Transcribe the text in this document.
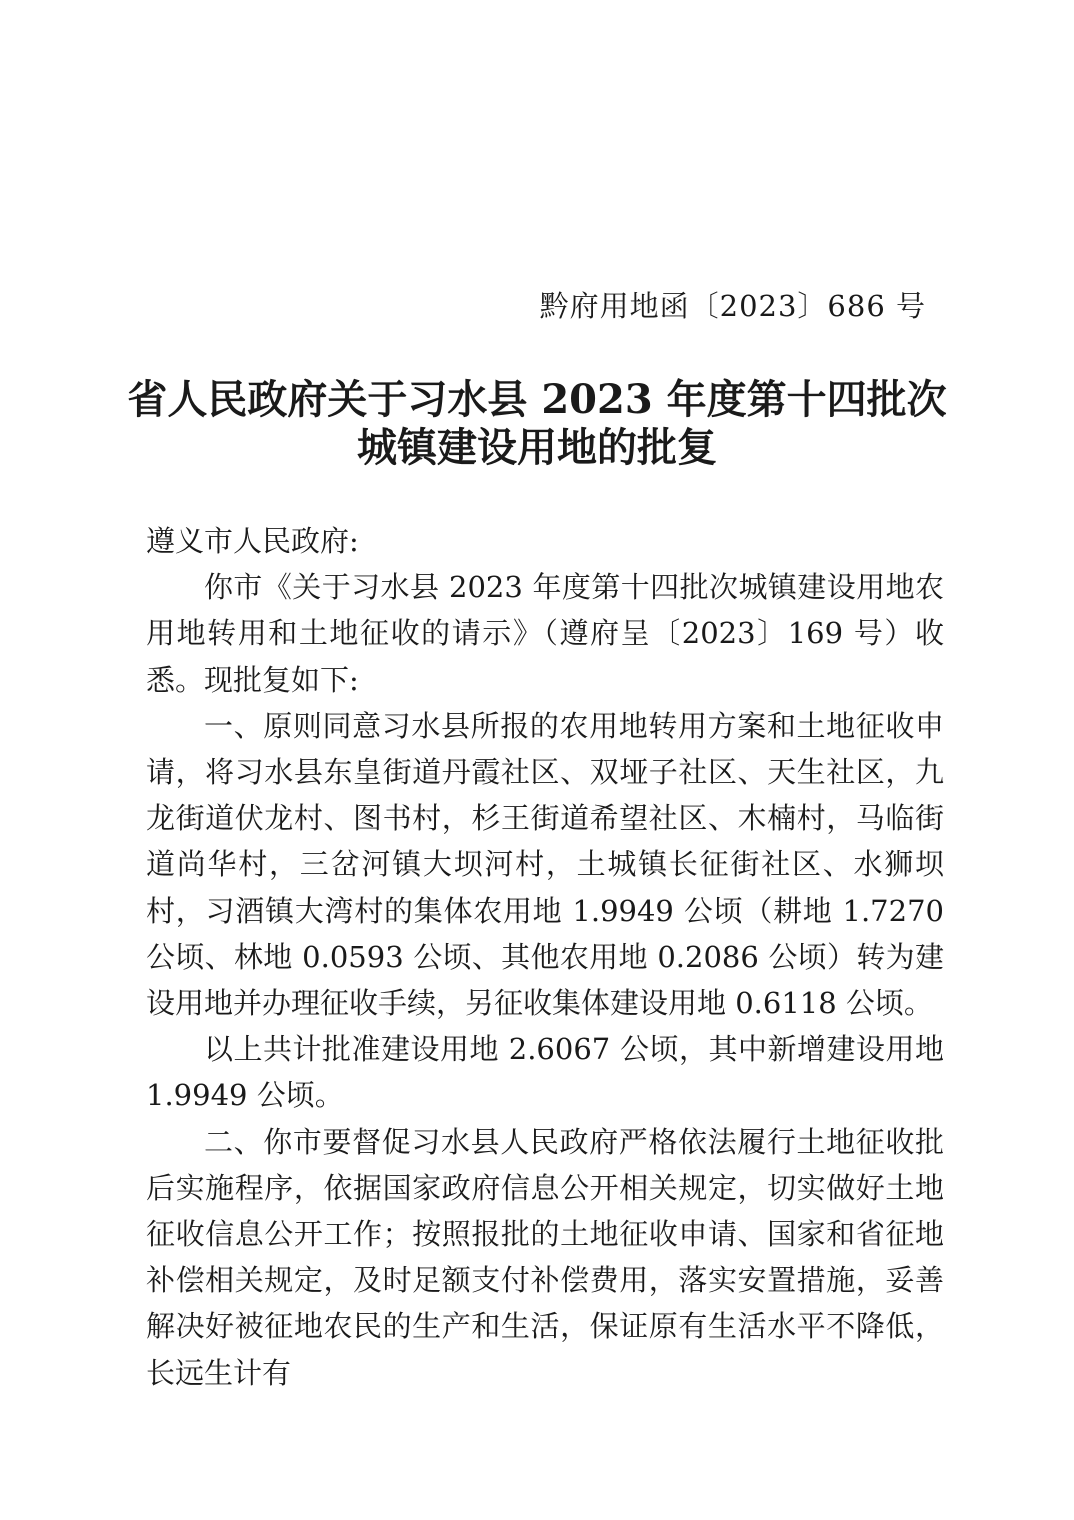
黔府用地函〔2023〕686 号
省人民政府关于习水县 2023 年度第十四批次
城镇建设用地的批复

遵义市人民政府:

你市《关于习水县 2023 年度第十四批次城镇建设用地农用地转用和土地征收的请示》（遵府呈〔2023〕169 号）收悉。现批复如下:

一、原则同意习水县所报的农用地转用方案和土地征收申请，将习水县东皇街道丹霞社区、双垭子社区、天生社区，九龙街道伏龙村、图书村，杉王街道希望社区、木楠村，马临街道尚华村，三岔河镇大坝河村，土城镇长征街社区、水狮坝村，习酒镇大湾村的集体农用地 1.9949 公顷（耕地 1.7270 公顷、林地 0.0593 公顷、其他农用地 0.2086 公顷）转为建设用地并办理征收手续，另征收集体建设用地 0.6118 公顷。

以上共计批准建设用地 2.6067 公顷，其中新增建设用地 1.9949 公顷。

二、你市要督促习水县人民政府严格依法履行土地征收批后实施程序，依据国家政府信息公开相关规定，切实做好土地征收信息公开工作；按照报批的土地征收申请、国家和省征地补偿相关规定，及时足额支付补偿费用，落实安置措施，妥善解决好被征地农民的生产和生活，保证原有生活水平不降低，长远生计有
